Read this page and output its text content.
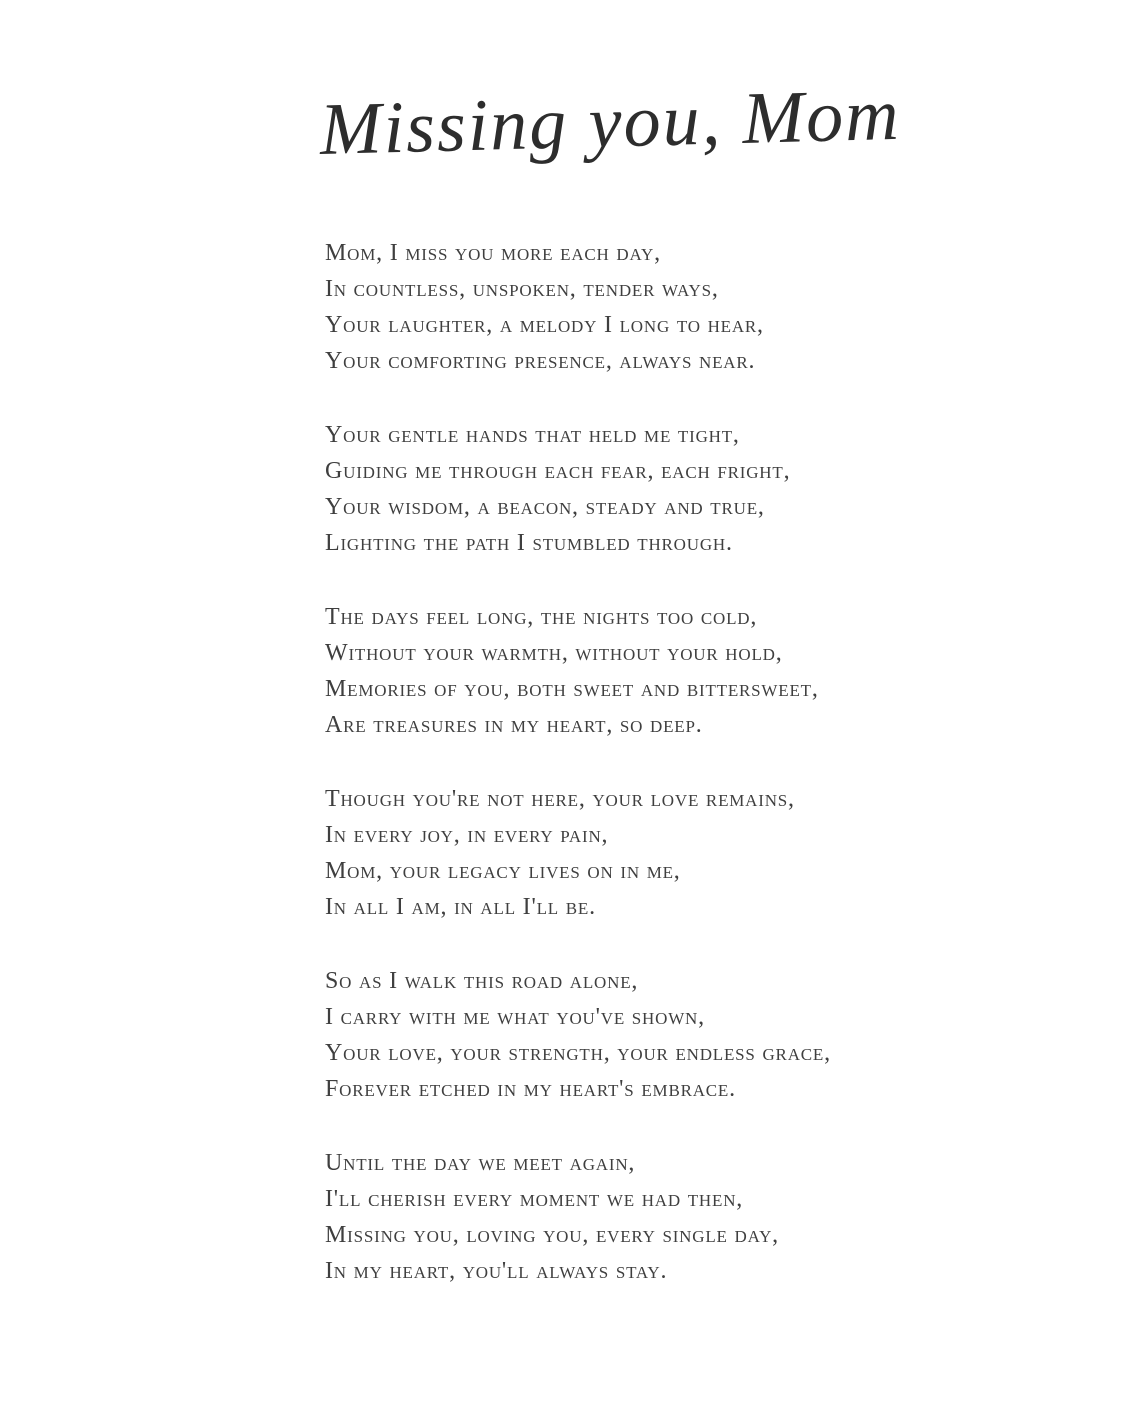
Missing you, Mom

Mom, I miss you more each day,

In countless, unspoken, tender ways,

Your laughter, a melody I long to hear,

Your comforting presence, always near.

Your gentle hands that held me tight,

Guiding me through each fear, each fright,

Your wisdom, a beacon, steady and true,

Lighting the path I stumbled through.

The days feel long, the nights too cold,

Without your warmth, without your hold,

Memories of you, both sweet and bittersweet,

Are treasures in my heart, so deep.

Though you're not here, your love remains,

In every joy, in every pain,

Mom, your legacy lives on in me,

In all I am, in all I'll be.

So as I walk this road alone,

I carry with me what you've shown,

Your love, your strength, your endless grace,

Forever etched in my heart's embrace.

Until the day we meet again,

I'll cherish every moment we had then,

Missing you, loving you, every single day,

In my heart, you'll always stay.
